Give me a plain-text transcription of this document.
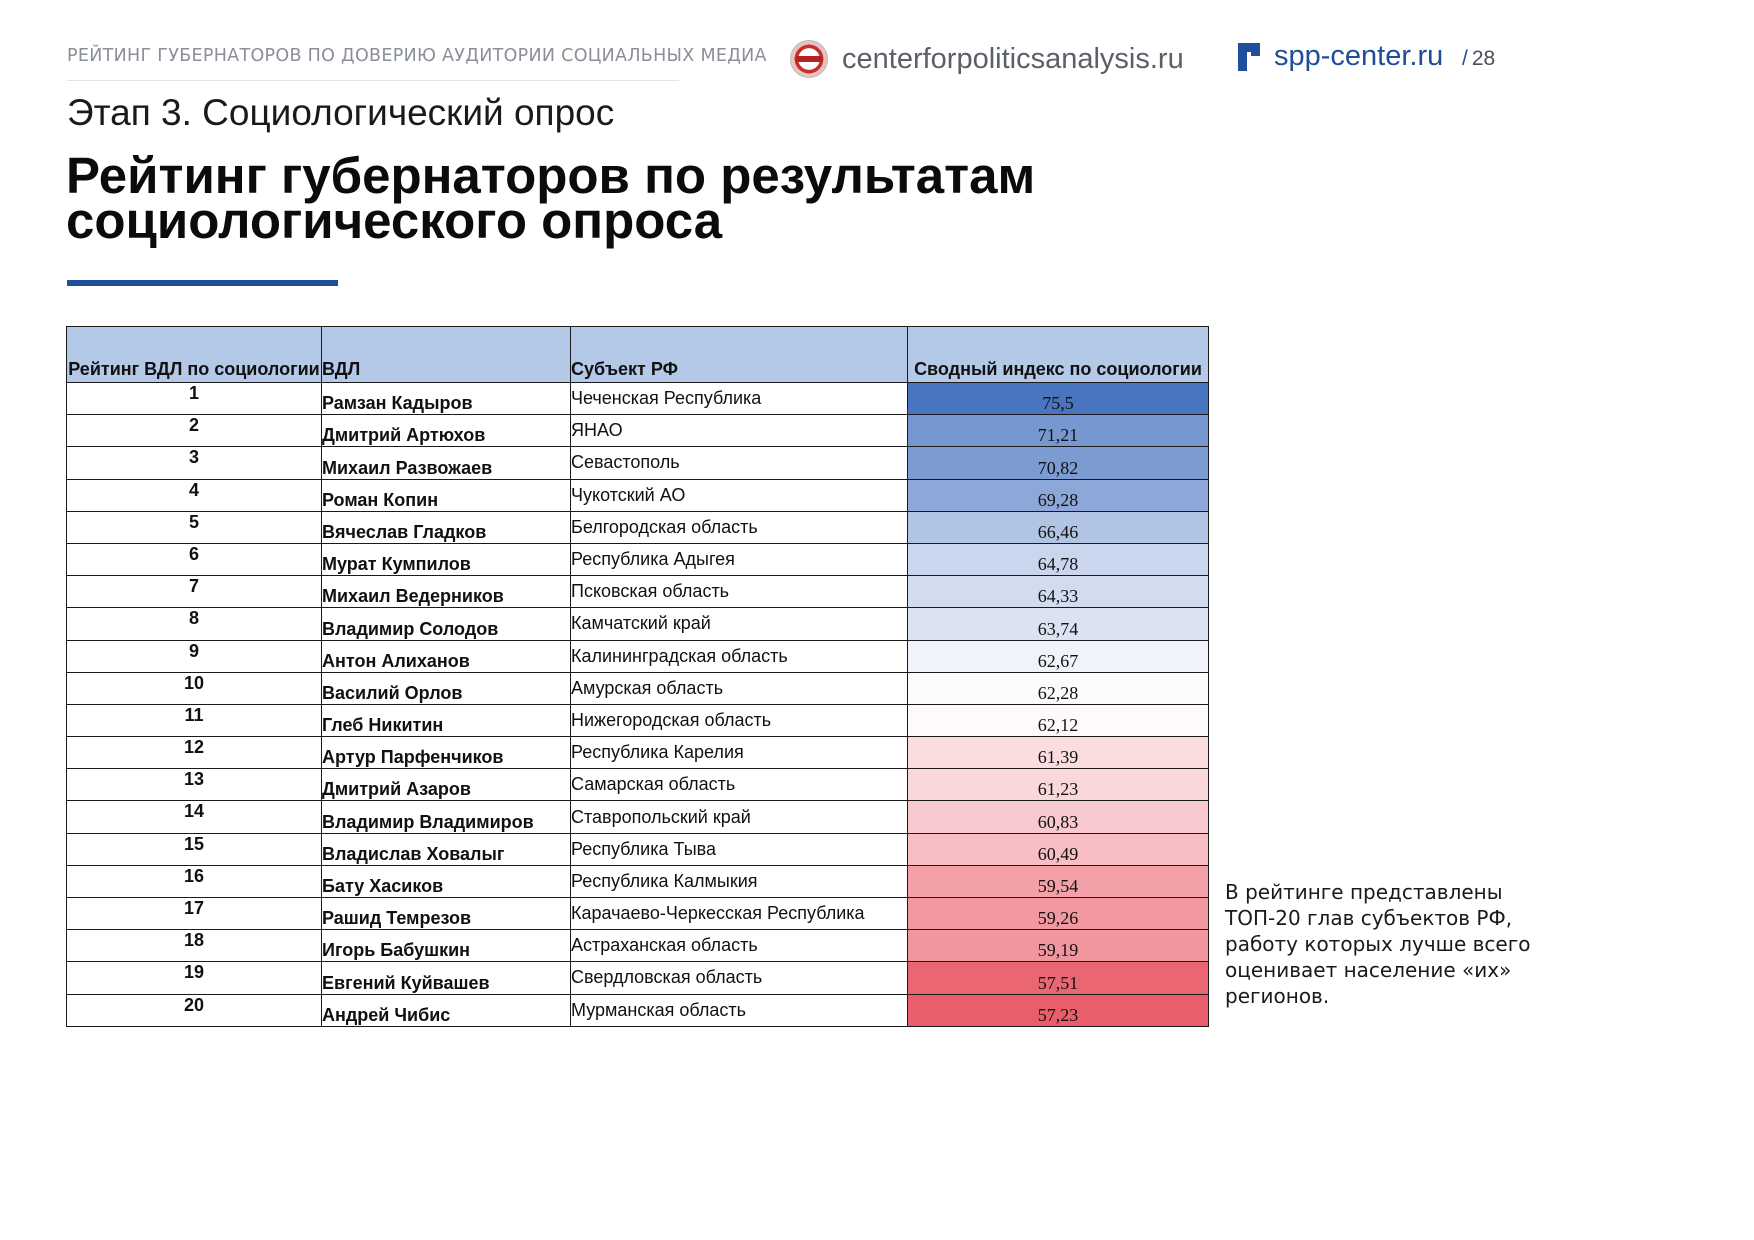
РЕЙТИНГ ГУБЕРНАТОРОВ ПО ДОВЕРИЮ АУДИТОРИИ СОЦИАЛЬНЫХ МЕДИА	centerforpoliticsanalysis.ru	spp-center.ru / 28
Этап 3. Социологический опрос
Рейтинг губернаторов по результатам социологического опроса
Рейтинг ВДЛ по социологии	ВДЛ	Субъект РФ	Сводный индекс по социологии
1	Рамзан Кадыров	Чеченская Республика	75,5
2	Дмитрий Артюхов	ЯНАО	71,21
3	Михаил Развожаев	Севастополь	70,82
4	Роман Копин	Чукотский АО	69,28
5	Вячеслав Гладков	Белгородская область	66,46
6	Мурат Кумпилов	Республика Адыгея	64,78
7	Михаил Ведерников	Псковская область	64,33
8	Владимир Солодов	Камчатский край	63,74
9	Антон Алиханов	Калининградская область	62,67
10	Василий Орлов	Амурская область	62,28
11	Глеб Никитин	Нижегородская область	62,12
12	Артур Парфенчиков	Республика Карелия	61,39
13	Дмитрий Азаров	Самарская область	61,23
14	Владимир Владимиров	Ставропольский край	60,83
15	Владислав Ховалыг	Республика Тыва	60,49
16	Бату Хасиков	Республика Калмыкия	59,54
17	Рашид Темрезов	Карачаево-Черкесская Республика	59,26
18	Игорь Бабушкин	Астраханская область	59,19
19	Евгений Куйвашев	Свердловская область	57,51
20	Андрей Чибис	Мурманская область	57,23
В рейтинге представлены ТОП-20 глав субъектов РФ, работу которых лучше всего оценивает население «их» регионов.
